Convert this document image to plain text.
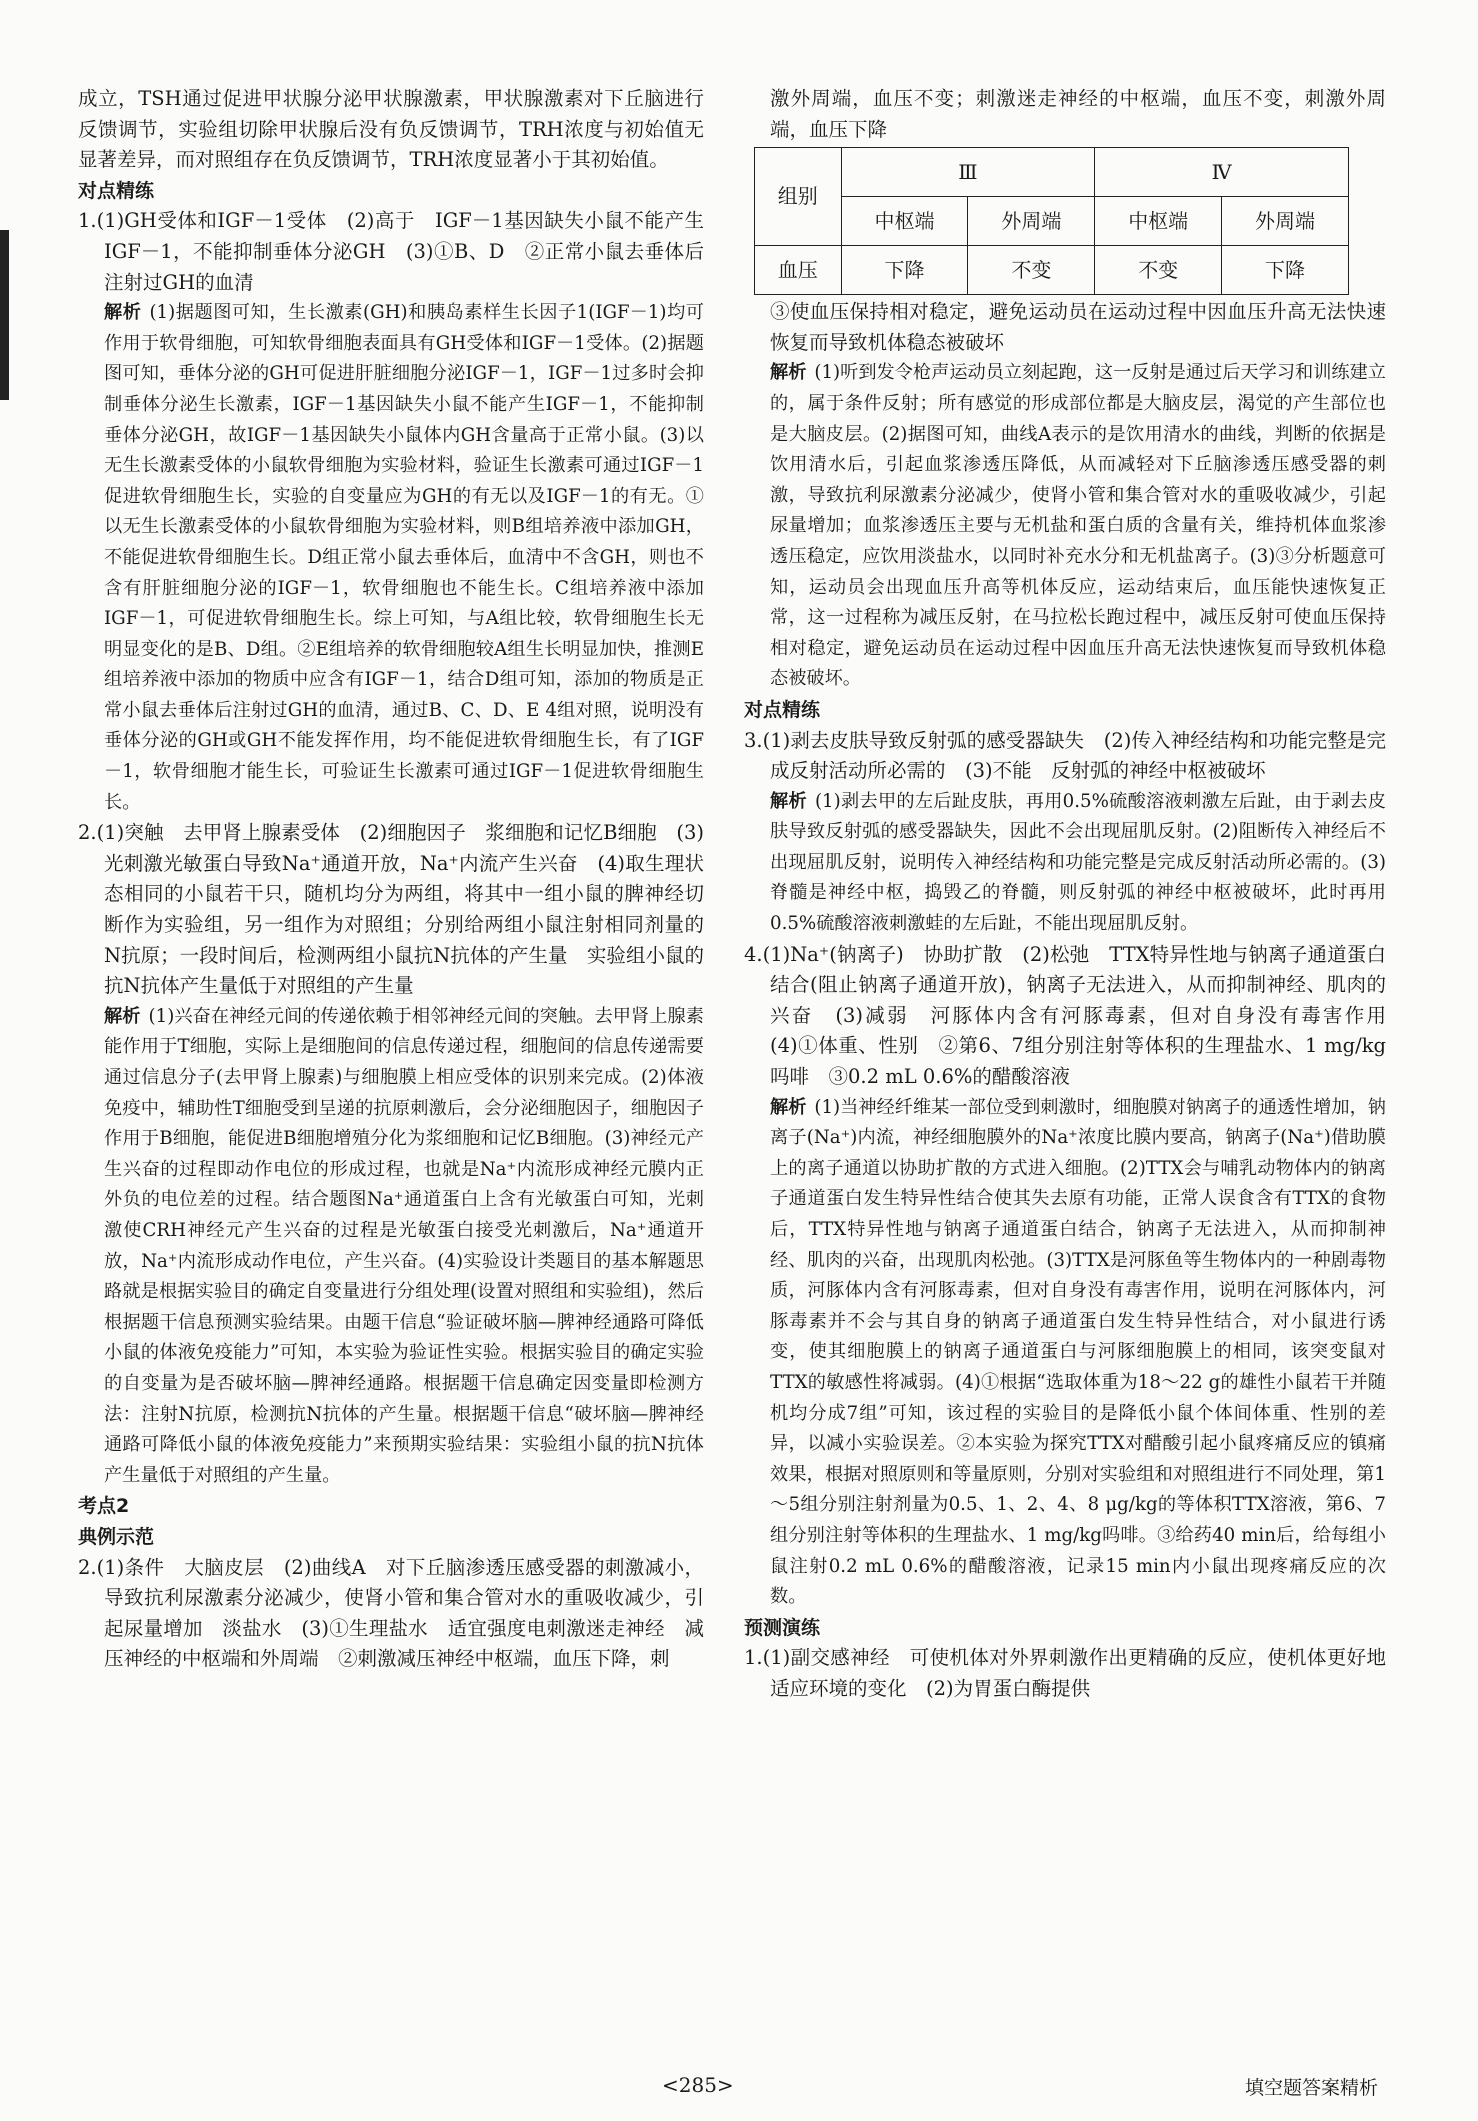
成立，TSH通过促进甲状腺分泌甲状腺激素，甲状腺激素对下丘脑进行反馈调节，实验组切除甲状腺后没有负反馈调节，TRH浓度与初始值无显著差异，而对照组存在负反馈调节，TRH浓度显著小于其初始值。

对点精练

1.(1)GH受体和IGF－1受体　(2)高于　IGF－1基因缺失小鼠不能产生IGF－1，不能抑制垂体分泌GH　(3)①B、D　②正常小鼠去垂体后注射过GH的血清

解析 (1)据题图可知，生长激素(GH)和胰岛素样生长因子1(IGF－1)均可作用于软骨细胞，可知软骨细胞表面具有GH受体和IGF－1受体。(2)据题图可知，垂体分泌的GH可促进肝脏细胞分泌IGF－1，IGF－1过多时会抑制垂体分泌生长激素，IGF－1基因缺失小鼠不能产生IGF－1，不能抑制垂体分泌GH，故IGF－1基因缺失小鼠体内GH含量高于正常小鼠。(3)以无生长激素受体的小鼠软骨细胞为实验材料，验证生长激素可通过IGF－1促进软骨细胞生长，实验的自变量应为GH的有无以及IGF－1的有无。①以无生长激素受体的小鼠软骨细胞为实验材料，则B组培养液中添加GH，不能促进软骨细胞生长。D组正常小鼠去垂体后，血清中不含GH，则也不含有肝脏细胞分泌的IGF－1，软骨细胞也不能生长。C组培养液中添加IGF－1，可促进软骨细胞生长。综上可知，与A组比较，软骨细胞生长无明显变化的是B、D组。②E组培养的软骨细胞较A组生长明显加快，推测E组培养液中添加的物质中应含有IGF－1，结合D组可知，添加的物质是正常小鼠去垂体后注射过GH的血清，通过B、C、D、E 4组对照，说明没有垂体分泌的GH或GH不能发挥作用，均不能促进软骨细胞生长，有了IGF－1，软骨细胞才能生长，可验证生长激素可通过IGF－1促进软骨细胞生长。

2.(1)突触　去甲肾上腺素受体　(2)细胞因子　浆细胞和记忆B细胞　(3)光刺激光敏蛋白导致Na⁺通道开放，Na⁺内流产生兴奋　(4)取生理状态相同的小鼠若干只，随机均分为两组，将其中一组小鼠的脾神经切断作为实验组，另一组作为对照组；分别给两组小鼠注射相同剂量的N抗原；一段时间后，检测两组小鼠抗N抗体的产生量　实验组小鼠的抗N抗体产生量低于对照组的产生量

解析 (1)兴奋在神经元间的传递依赖于相邻神经元间的突触。去甲肾上腺素能作用于T细胞，实际上是细胞间的信息传递过程，细胞间的信息传递需要通过信息分子(去甲肾上腺素)与细胞膜上相应受体的识别来完成。(2)体液免疫中，辅助性T细胞受到呈递的抗原刺激后，会分泌细胞因子，细胞因子作用于B细胞，能促进B细胞增殖分化为浆细胞和记忆B细胞。(3)神经元产生兴奋的过程即动作电位的形成过程，也就是Na⁺内流形成神经元膜内正外负的电位差的过程。结合题图Na⁺通道蛋白上含有光敏蛋白可知，光刺激使CRH神经元产生兴奋的过程是光敏蛋白接受光刺激后，Na⁺通道开放，Na⁺内流形成动作电位，产生兴奋。(4)实验设计类题目的基本解题思路就是根据实验目的确定自变量进行分组处理(设置对照组和实验组)，然后根据题干信息预测实验结果。由题干信息“验证破坏脑—脾神经通路可降低小鼠的体液免疫能力”可知，本实验为验证性实验。根据实验目的确定实验的自变量为是否破坏脑—脾神经通路。根据题干信息确定因变量即检测方法：注射N抗原，检测抗N抗体的产生量。根据题干信息“破坏脑—脾神经通路可降低小鼠的体液免疫能力”来预期实验结果：实验组小鼠的抗N抗体产生量低于对照组的产生量。

考点2

典例示范

2.(1)条件　大脑皮层　(2)曲线A　对下丘脑渗透压感受器的刺激减小，导致抗利尿激素分泌减少，使肾小管和集合管对水的重吸收减少，引起尿量增加　淡盐水　(3)①生理盐水　适宜强度电刺激迷走神经　减压神经的中枢端和外周端　②刺激减压神经中枢端，血压下降，刺

激外周端，血压不变；刺激迷走神经的中枢端，血压不变，刺激外周端，血压下降

组别	Ⅲ		Ⅳ	
	中枢端	外周端	中枢端	外周端
血压	下降	不变	不变	下降

③使血压保持相对稳定，避免运动员在运动过程中因血压升高无法快速恢复而导致机体稳态被破坏

解析 (1)听到发令枪声运动员立刻起跑，这一反射是通过后天学习和训练建立的，属于条件反射；所有感觉的形成部位都是大脑皮层，渴觉的产生部位也是大脑皮层。(2)据图可知，曲线A表示的是饮用清水的曲线，判断的依据是饮用清水后，引起血浆渗透压降低，从而减轻对下丘脑渗透压感受器的刺激，导致抗利尿激素分泌减少，使肾小管和集合管对水的重吸收减少，引起尿量增加；血浆渗透压主要与无机盐和蛋白质的含量有关，维持机体血浆渗透压稳定，应饮用淡盐水，以同时补充水分和无机盐离子。(3)③分析题意可知，运动员会出现血压升高等机体反应，运动结束后，血压能快速恢复正常，这一过程称为减压反射，在马拉松长跑过程中，减压反射可使血压保持相对稳定，避免运动员在运动过程中因血压升高无法快速恢复而导致机体稳态被破坏。

对点精练

3.(1)剥去皮肤导致反射弧的感受器缺失　(2)传入神经结构和功能完整是完成反射活动所必需的　(3)不能　反射弧的神经中枢被破坏

解析 (1)剥去甲的左后趾皮肤，再用0.5%硫酸溶液刺激左后趾，由于剥去皮肤导致反射弧的感受器缺失，因此不会出现屈肌反射。(2)阻断传入神经后不出现屈肌反射，说明传入神经结构和功能完整是完成反射活动所必需的。(3)脊髓是神经中枢，捣毁乙的脊髓，则反射弧的神经中枢被破坏，此时再用0.5%硫酸溶液刺激蛙的左后趾，不能出现屈肌反射。

4.(1)Na⁺(钠离子)　协助扩散　(2)松弛　TTX特异性地与钠离子通道蛋白结合(阻止钠离子通道开放)，钠离子无法进入，从而抑制神经、肌肉的兴奋　(3)减弱　河豚体内含有河豚毒素，但对自身没有毒害作用　(4)①体重、性别　②第6、7组分别注射等体积的生理盐水、1 mg/kg吗啡　③0.2 mL 0.6%的醋酸溶液

解析 (1)当神经纤维某一部位受到刺激时，细胞膜对钠离子的通透性增加，钠离子(Na⁺)内流，神经细胞膜外的Na⁺浓度比膜内要高，钠离子(Na⁺)借助膜上的离子通道以协助扩散的方式进入细胞。(2)TTX会与哺乳动物体内的钠离子通道蛋白发生特异性结合使其失去原有功能，正常人误食含有TTX的食物后，TTX特异性地与钠离子通道蛋白结合，钠离子无法进入，从而抑制神经、肌肉的兴奋，出现肌肉松弛。(3)TTX是河豚鱼等生物体内的一种剧毒物质，河豚体内含有河豚毒素，但对自身没有毒害作用，说明在河豚体内，河豚毒素并不会与其自身的钠离子通道蛋白发生特异性结合，对小鼠进行诱变，使其细胞膜上的钠离子通道蛋白与河豚细胞膜上的相同，该突变鼠对TTX的敏感性将减弱。(4)①根据“选取体重为18～22 g的雄性小鼠若干并随机均分成7组”可知，该过程的实验目的是降低小鼠个体间体重、性别的差异，以减小实验误差。②本实验为探究TTX对醋酸引起小鼠疼痛反应的镇痛效果，根据对照原则和等量原则，分别对实验组和对照组进行不同处理，第1～5组分别注射剂量为0.5、1、2、4、8 μg/kg的等体积TTX溶液，第6、7组分别注射等体积的生理盐水、1 mg/kg吗啡。③给药40 min后，给每组小鼠注射0.2 mL 0.6%的醋酸溶液，记录15 min内小鼠出现疼痛反应的次数。

预测演练

1.(1)副交感神经　可使机体对外界刺激作出更精确的反应，使机体更好地适应环境的变化　(2)为胃蛋白酶提供

<285>	填空题答案精析
